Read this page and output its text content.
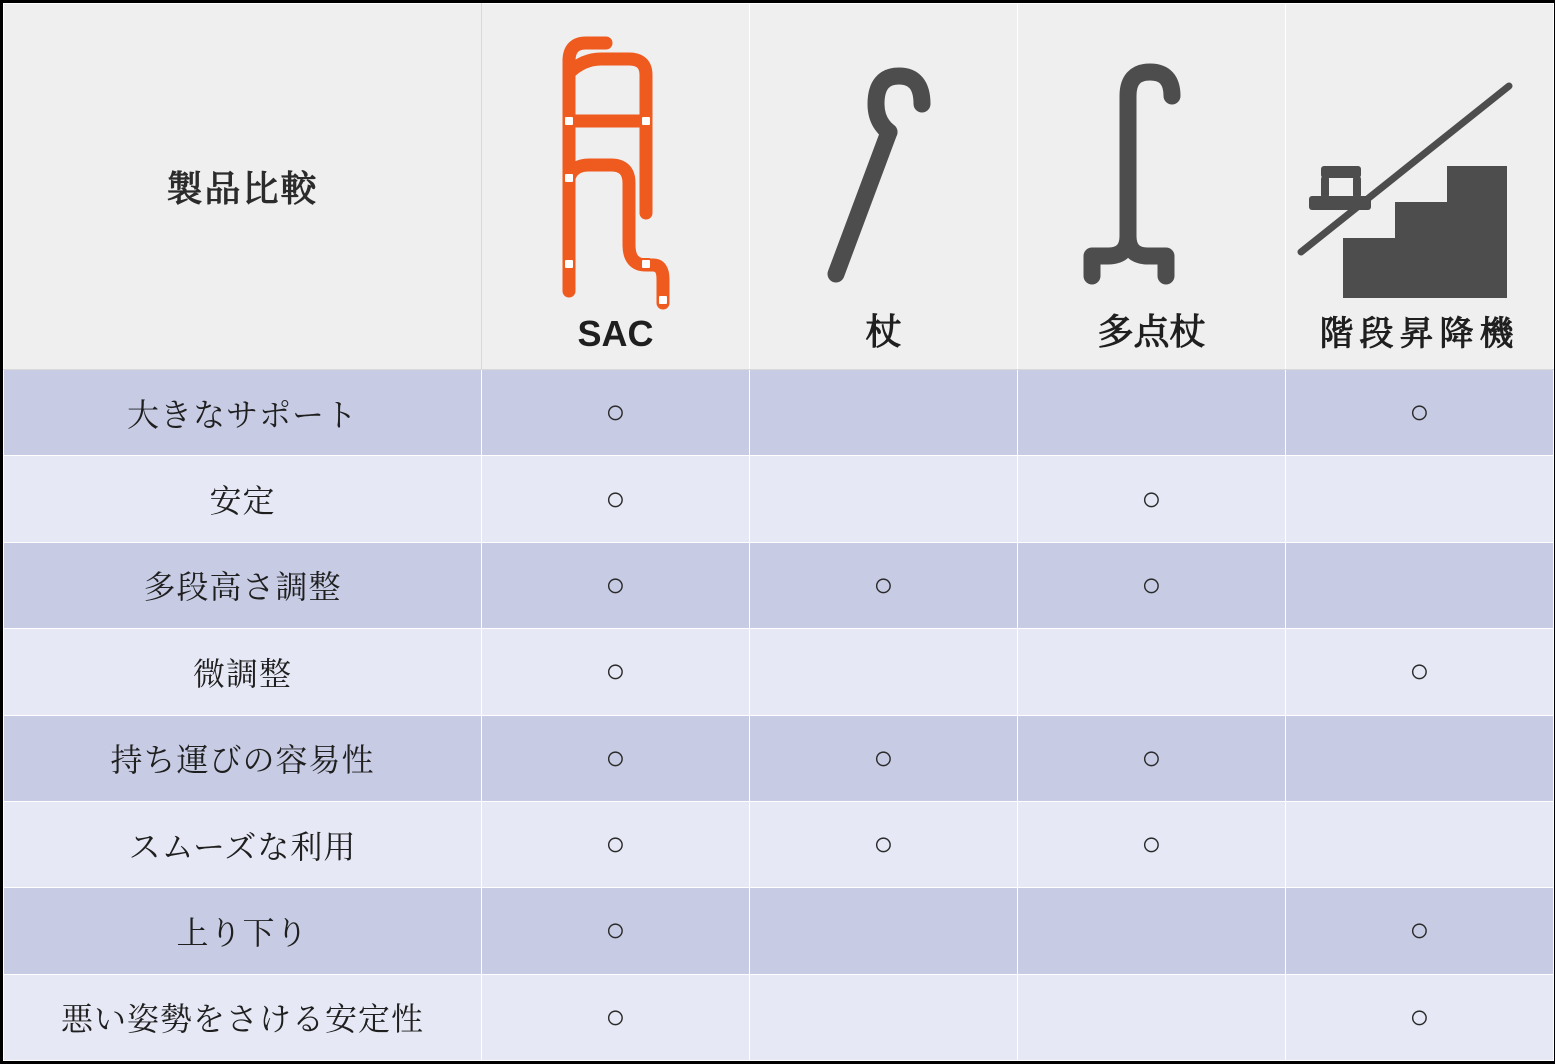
製品比較	SAC	杖	多点杖	階段昇降機

大きなサポート	○			○
安定	○		○	
多段高さ調整	○	○	○	
微調整	○			○
持ち運びの容易性	○	○	○	
スムーズな利用	○	○	○	
上り下り	○			○
悪い姿勢をさける安定性	○			○
